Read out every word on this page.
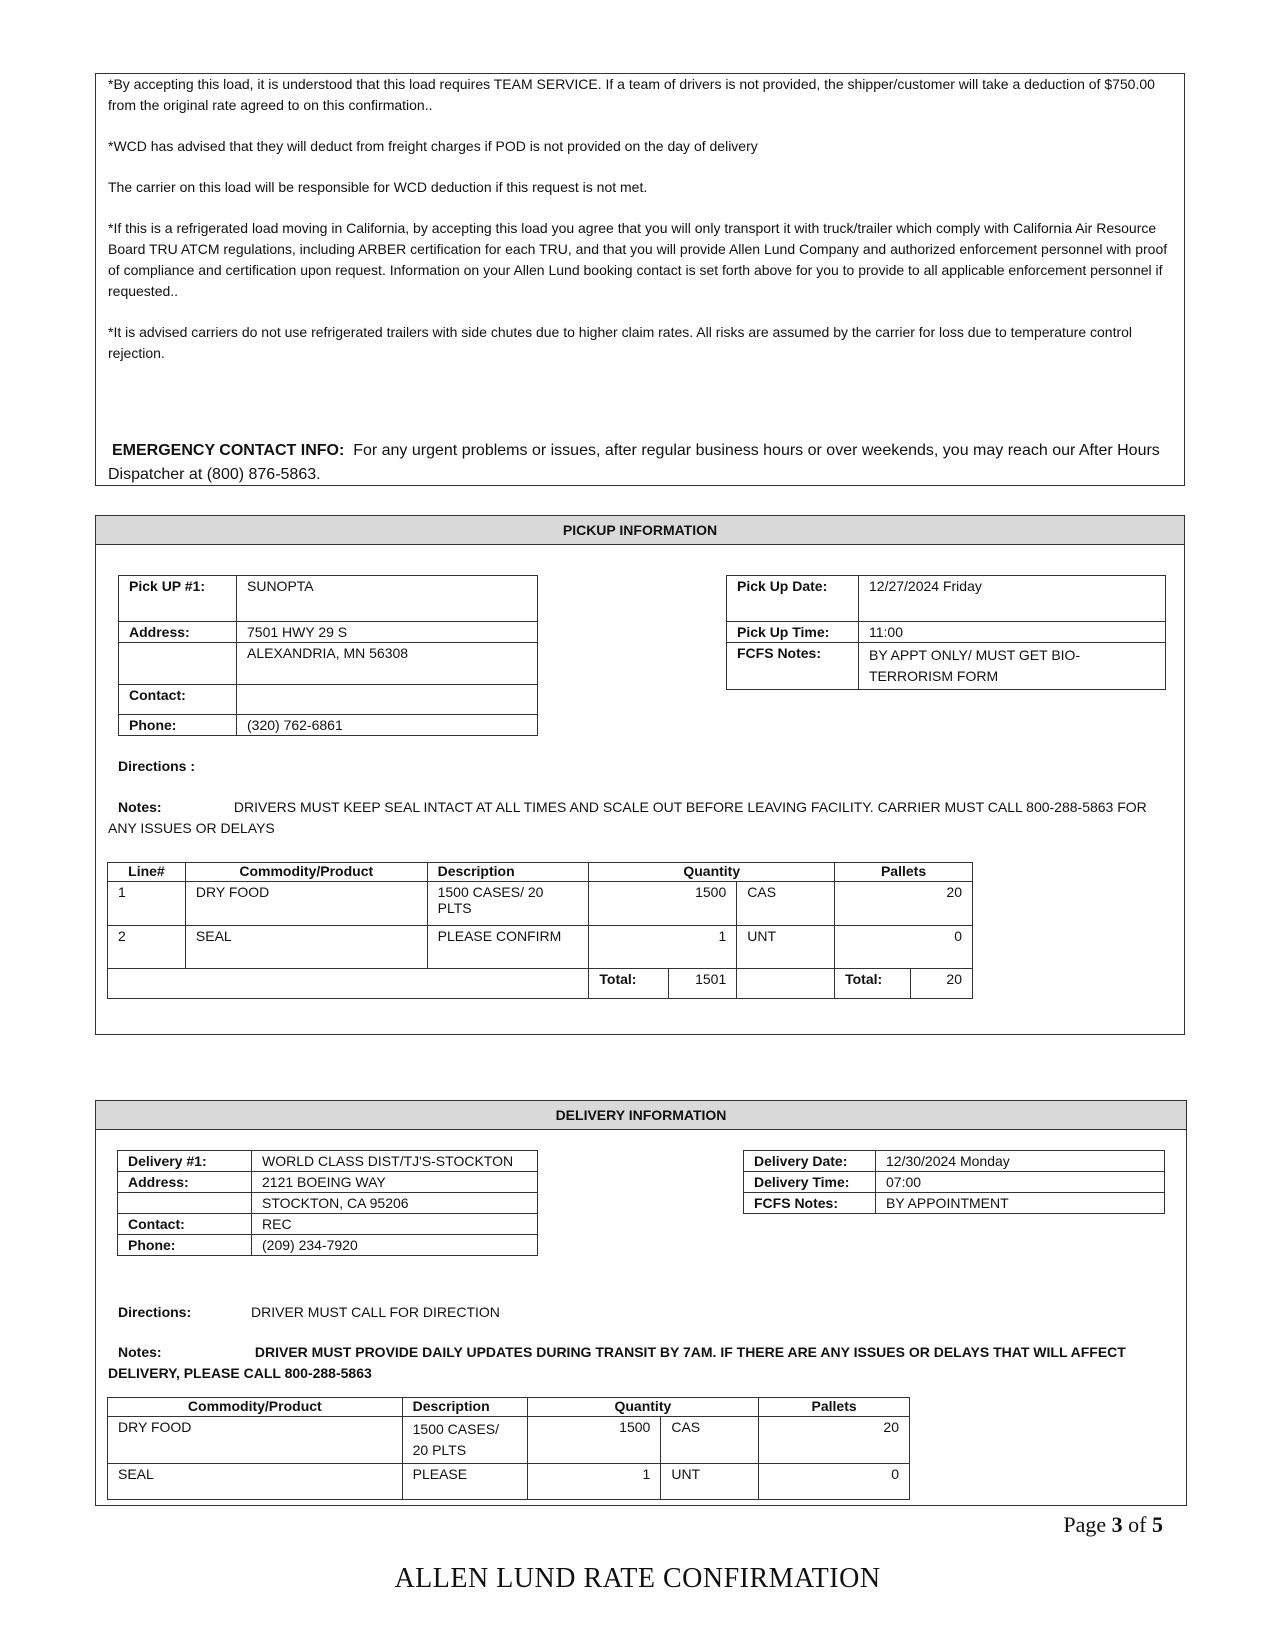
*By accepting this load, it is understood that this load requires TEAM SERVICE. If a team of drivers is not provided, the shipper/customer will take a deduction of $750.00 from the original rate agreed to on this confirmation..

*WCD has advised that they will deduct from freight charges if POD is not provided on the day of delivery

The carrier on this load will be responsible for WCD deduction if this request is not met.

*If this is a refrigerated load moving in California, by accepting this load you agree that you will only transport it with truck/trailer which comply with California Air Resource Board TRU ATCM regulations, including ARBER certification for each TRU, and that you will provide Allen Lund Company and authorized enforcement personnel with proof of compliance and certification upon request. Information on your Allen Lund booking contact is set forth above for you to provide to all applicable enforcement personnel if requested..

*It is advised carriers do not use refrigerated trailers with side chutes due to higher claim rates. All risks are assumed by the carrier for loss due to temperature control rejection.

EMERGENCY CONTACT INFO: For any urgent problems or issues, after regular business hours or over weekends, you may reach our After Hours Dispatcher at (800) 876-5863.
PICKUP INFORMATION
Pick UP #1:	SUNOPTA
Address:	7501 HWY 29 S
	ALEXANDRIA, MN 56308
Contact:	
Phone:	(320) 762-6861
Pick Up Date:	12/27/2024 Friday
Pick Up Time:	11:00
FCFS Notes:	BY APPT ONLY/ MUST GET BIO-TERRORISM FORM
Directions :
Notes:	DRIVERS MUST KEEP SEAL INTACT AT ALL TIMES AND SCALE OUT BEFORE LEAVING FACILITY. CARRIER MUST CALL 800-288-5863 FOR ANY ISSUES OR DELAYS
Line#	Commodity/Product	Description	Quantity			Pallets	
1	DRY FOOD	1500 CASES/ 20 PLTS	1500		CAS	20	
2	SEAL	PLEASE CONFIRM	1		UNT	0	
			Total:	1501		Total:	20
DELIVERY INFORMATION
Delivery #1:	WORLD CLASS DIST/TJ'S-STOCKTON
Address:	2121 BOEING WAY
	STOCKTON, CA 95206
Contact:	REC
Phone:	(209) 234-7920
Delivery Date:	12/30/2024 Monday
Delivery Time:	07:00
FCFS Notes:	BY APPOINTMENT
Directions:	DRIVER MUST CALL FOR DIRECTION
Notes:	DRIVER MUST PROVIDE DAILY UPDATES DURING TRANSIT BY 7AM. IF THERE ARE ANY ISSUES OR DELAYS THAT WILL AFFECT DELIVERY, PLEASE CALL 800-288-5863
Commodity/Product	Description	Quantity		Pallets
DRY FOOD	1500 CASES/ 20 PLTS	1500	CAS	20
SEAL	PLEASE	1	UNT	0
Page 3 of 5
ALLEN LUND RATE CONFIRMATION
